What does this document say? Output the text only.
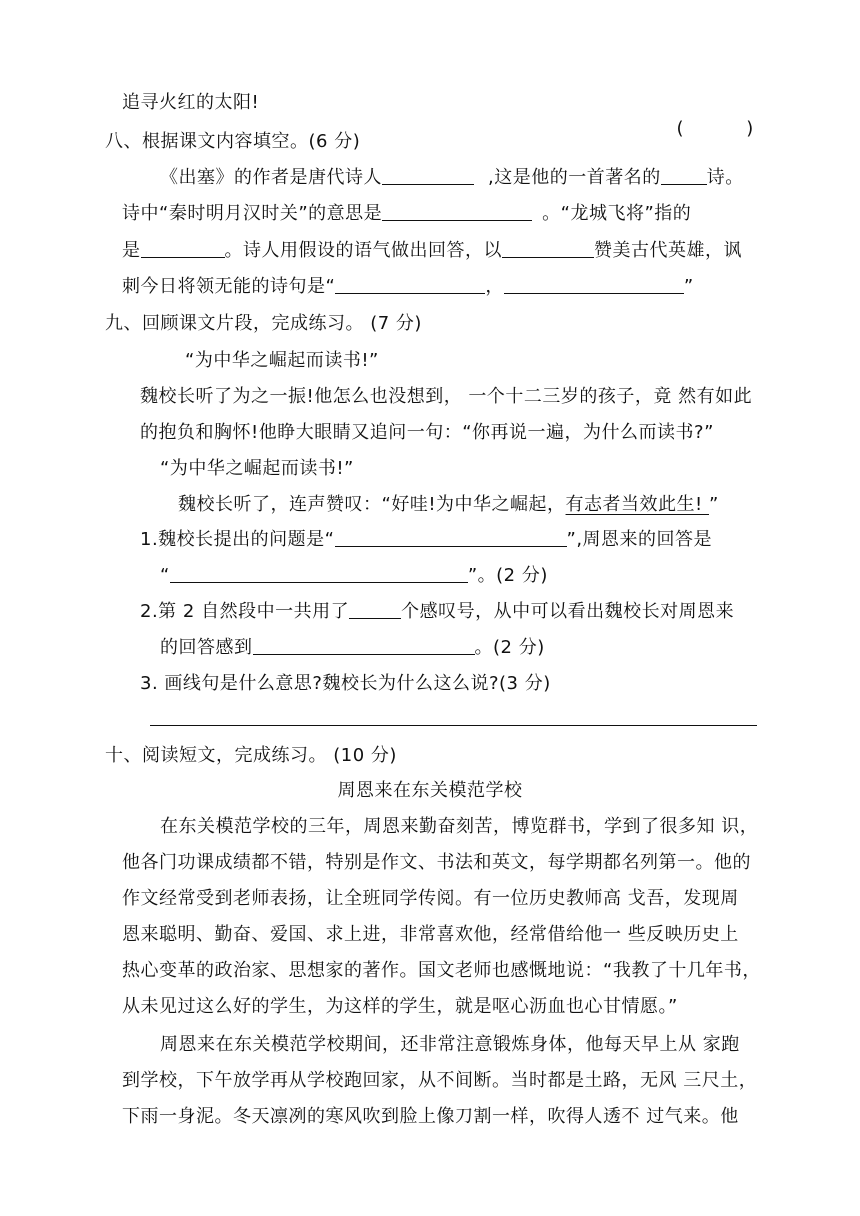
追寻火红的太阳!

(          )

八、根据课文内容填空。(6 分)
《出塞》的作者是唐代诗人	,这是他的一首著名的	诗。
诗中“秦时明月汉时关”的意思是	。“龙城飞将”指的
是	。诗人用假设的语气做出回答，以	赞美古代英雄，讽
刺今日将领无能的诗句是“	，	”
九、回顾课文片段，完成练习。 (7 分)
“为中华之崛起而读书!”
魏校长听了为之一振!他怎么也没想到， 一个十二三岁的孩子，竟 然有如此
的抱负和胸怀!他睁大眼睛又追问一句：“你再说一遍，为什么而读书?”
“为中华之崛起而读书!”
魏校长听了，连声赞叹：“好哇!为中华之崛起，有志者当效此生! ”
1.魏校长提出的问题是“	”,周恩来的回答是
“	”。(2 分)
2.第 2 自然段中一共用了	个感叹号，从中可以看出魏校长对周恩来
的回答感到	。(2 分)
3. 画线句是什么意思?魏校长为什么这么说?(3 分)
十、阅读短文，完成练习。 (10 分)
周恩来在东关模范学校
在东关模范学校的三年，周恩来勤奋刻苦，博览群书，学到了很多知 识，
他各门功课成绩都不错，特别是作文、书法和英文，每学期都名列第一。他的
作文经常受到老师表扬，让全班同学传阅。有一位历史教师高 戈吾，发现周
恩来聪明、勤奋、爱国、求上进，非常喜欢他，经常借给他一 些反映历史上
热心变革的政治家、思想家的著作。国文老师也感慨地说：“我教了十几年书，
从未见过这么好的学生，为这样的学生，就是呕心沥血也心甘情愿。”
周恩来在东关模范学校期间，还非常注意锻炼身体，他每天早上从 家跑
到学校，下午放学再从学校跑回家，从不间断。当时都是土路，无风 三尺土，
下雨一身泥。冬天凛冽的寒风吹到脸上像刀割一样，吹得人透不 过气来。他
